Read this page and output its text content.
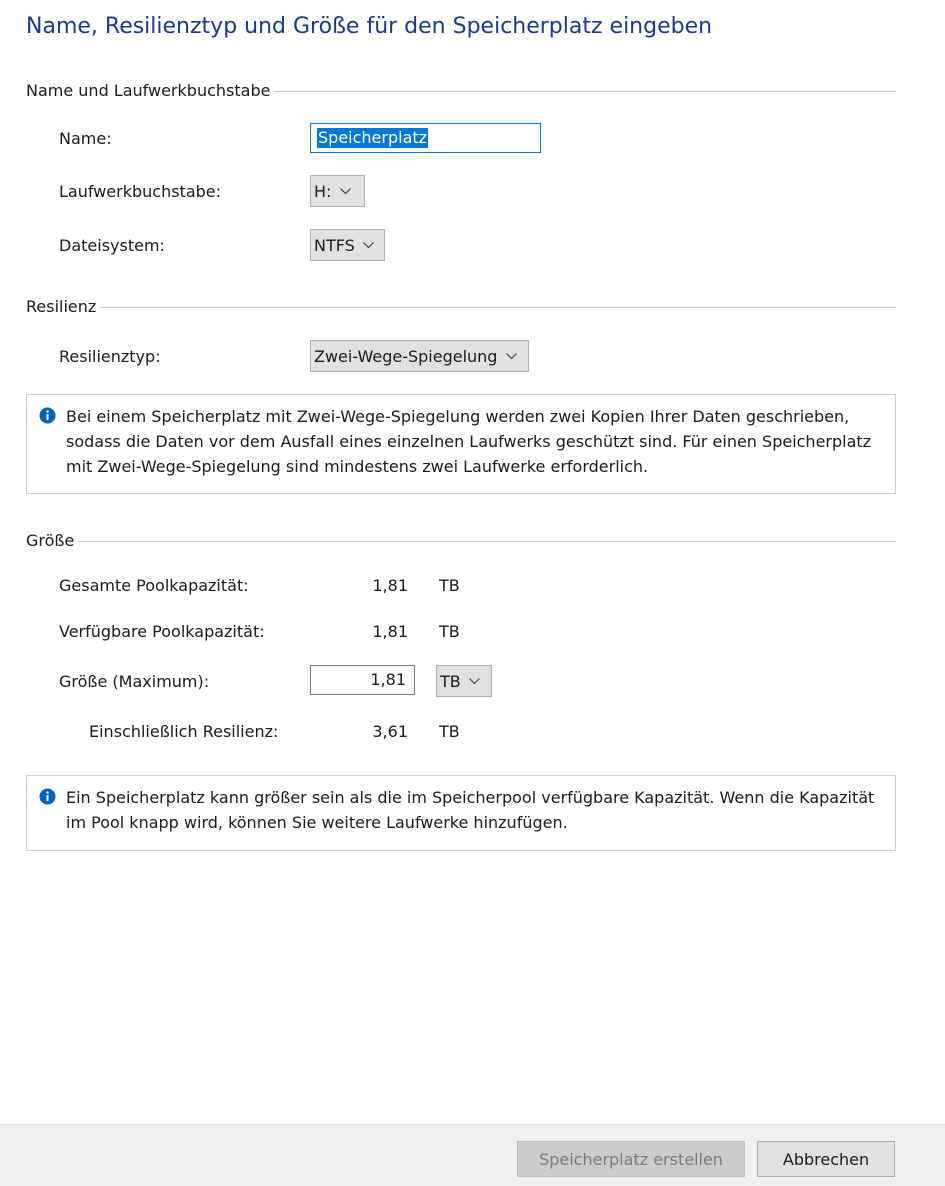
Name, Resilienztyp und Größe für den Speicherplatz eingeben
Name und Laufwerkbuchstabe
Name:	Speicherplatz
Laufwerkbuchstabe:	H:
Dateisystem:	NTFS
Resilienz
Resilienztyp:	Zwei-Wege-Spiegelung
Bei einem Speicherplatz mit Zwei-Wege-Spiegelung werden zwei Kopien Ihrer Daten geschrieben, sodass die Daten vor dem Ausfall eines einzelnen Laufwerks geschützt sind. Für einen Speicherplatz mit Zwei-Wege-Spiegelung sind mindestens zwei Laufwerke erforderlich.
Größe
Gesamte Poolkapazität:	1,81 TB
Verfügbare Poolkapazität:	1,81 TB
Größe (Maximum):	1,81	TB
Einschließlich Resilienz:	3,61 TB
Ein Speicherplatz kann größer sein als die im Speicherpool verfügbare Kapazität. Wenn die Kapazität im Pool knapp wird, können Sie weitere Laufwerke hinzufügen.
Speicherplatz erstellen	Abbrechen
